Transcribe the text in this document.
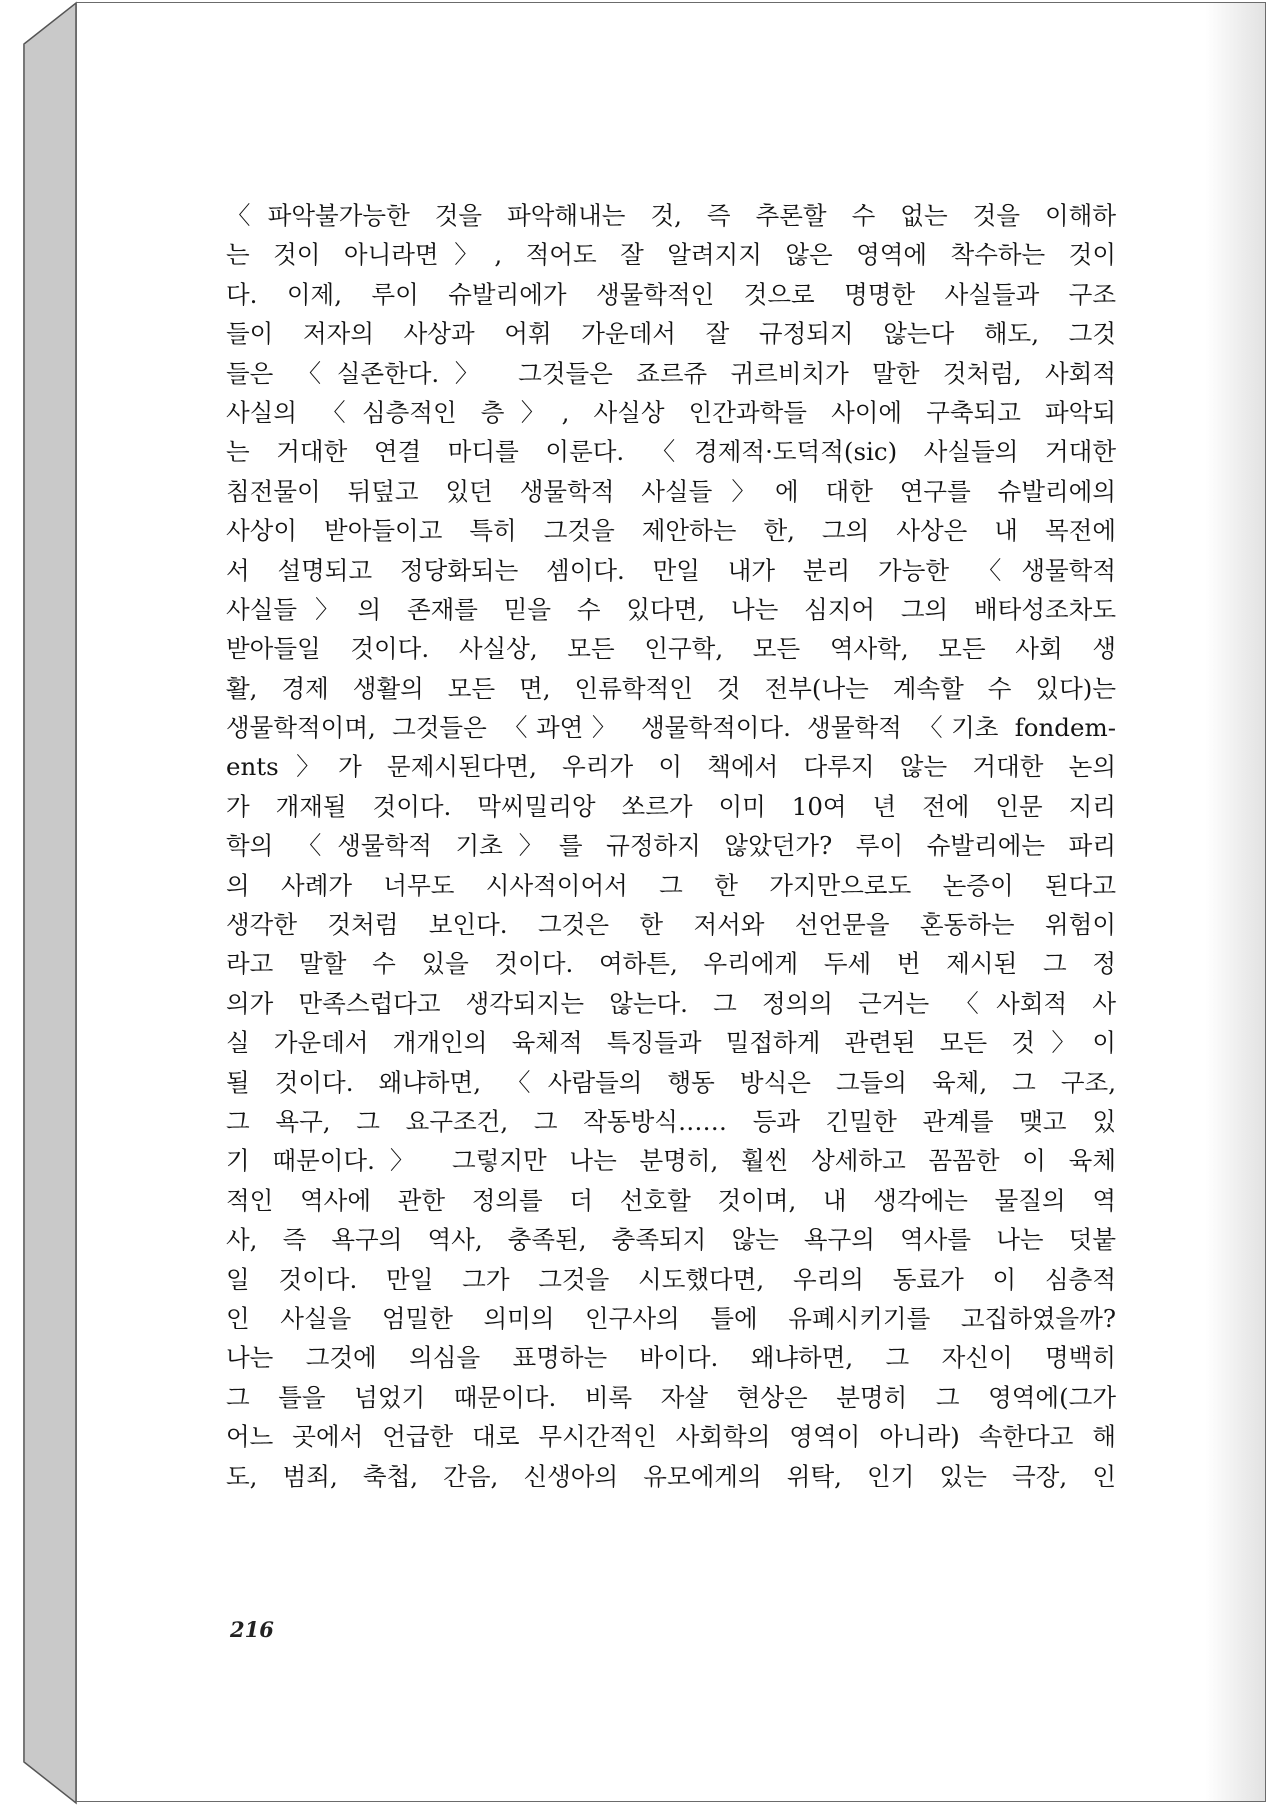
〈파악불가능한 것을 파악해내는 것, 즉 추론할 수 없는 것을 이해하
는 것이 아니라면〉, 적어도 잘 알려지지 않은 영역에 착수하는 것이
다. 이제, 루이 슈발리에가 생물학적인 것으로 명명한 사실들과 구조
들이 저자의 사상과 어휘 가운데서 잘 규정되지 않는다 해도, 그것
들은 〈실존한다.〉 그것들은 죠르쥬 귀르비치가 말한 것처럼, 사회적
사실의 〈심층적인 층〉, 사실상 인간과학들 사이에 구축되고 파악되
는 거대한 연결 마디를 이룬다. 〈경제적·도덕적(sic) 사실들의 거대한
침전물이 뒤덮고 있던 생물학적 사실들〉에 대한 연구를 슈발리에의
사상이 받아들이고 특히 그것을 제안하는 한, 그의 사상은 내 목전에
서 설명되고 정당화되는 셈이다. 만일 내가 분리 가능한 〈생물학적
사실들〉의 존재를 믿을 수 있다면, 나는 심지어 그의 배타성조차도
받아들일 것이다. 사실상, 모든 인구학, 모든 역사학, 모든 사회 생
활, 경제 생활의 모든 면, 인류학적인 것 전부(나는 계속할 수 있다)는
생물학적이며, 그것들은 〈과연〉 생물학적이다. 생물학적 〈기초 fondem-
ents〉가 문제시된다면, 우리가 이 책에서 다루지 않는 거대한 논의
가 개재될 것이다. 막씨밀리앙 쏘르가 이미 10여 년 전에 인문 지리
학의 〈생물학적 기초〉를 규정하지 않았던가? 루이 슈발리에는 파리
의 사례가 너무도 시사적이어서 그 한 가지만으로도 논증이 된다고
생각한 것처럼 보인다. 그것은 한 저서와 선언문을 혼동하는 위험이
라고 말할 수 있을 것이다. 여하튼, 우리에게 두세 번 제시된 그 정
의가 만족스럽다고 생각되지는 않는다. 그 정의의 근거는 〈사회적 사
실 가운데서 개개인의 육체적 특징들과 밀접하게 관련된 모든 것〉이
될 것이다. 왜냐하면, 〈사람들의 행동 방식은 그들의 육체, 그 구조,
그 욕구, 그 요구조건, 그 작동방식…… 등과 긴밀한 관계를 맺고 있
기 때문이다.〉 그렇지만 나는 분명히, 훨씬 상세하고 꼼꼼한 이 육체
적인 역사에 관한 정의를 더 선호할 것이며, 내 생각에는 물질의 역
사, 즉 욕구의 역사, 충족된, 충족되지 않는 욕구의 역사를 나는 덧붙
일 것이다. 만일 그가 그것을 시도했다면, 우리의 동료가 이 심층적
인 사실을 엄밀한 의미의 인구사의 틀에 유폐시키기를 고집하였을까?
나는 그것에 의심을 표명하는 바이다. 왜냐하면, 그 자신이 명백히
그 틀을 넘었기 때문이다. 비록 자살 현상은 분명히 그 영역에(그가
어느 곳에서 언급한 대로 무시간적인 사회학의 영역이 아니라) 속한다고 해
도, 범죄, 축첩, 간음, 신생아의 유모에게의 위탁, 인기 있는 극장, 인
216
